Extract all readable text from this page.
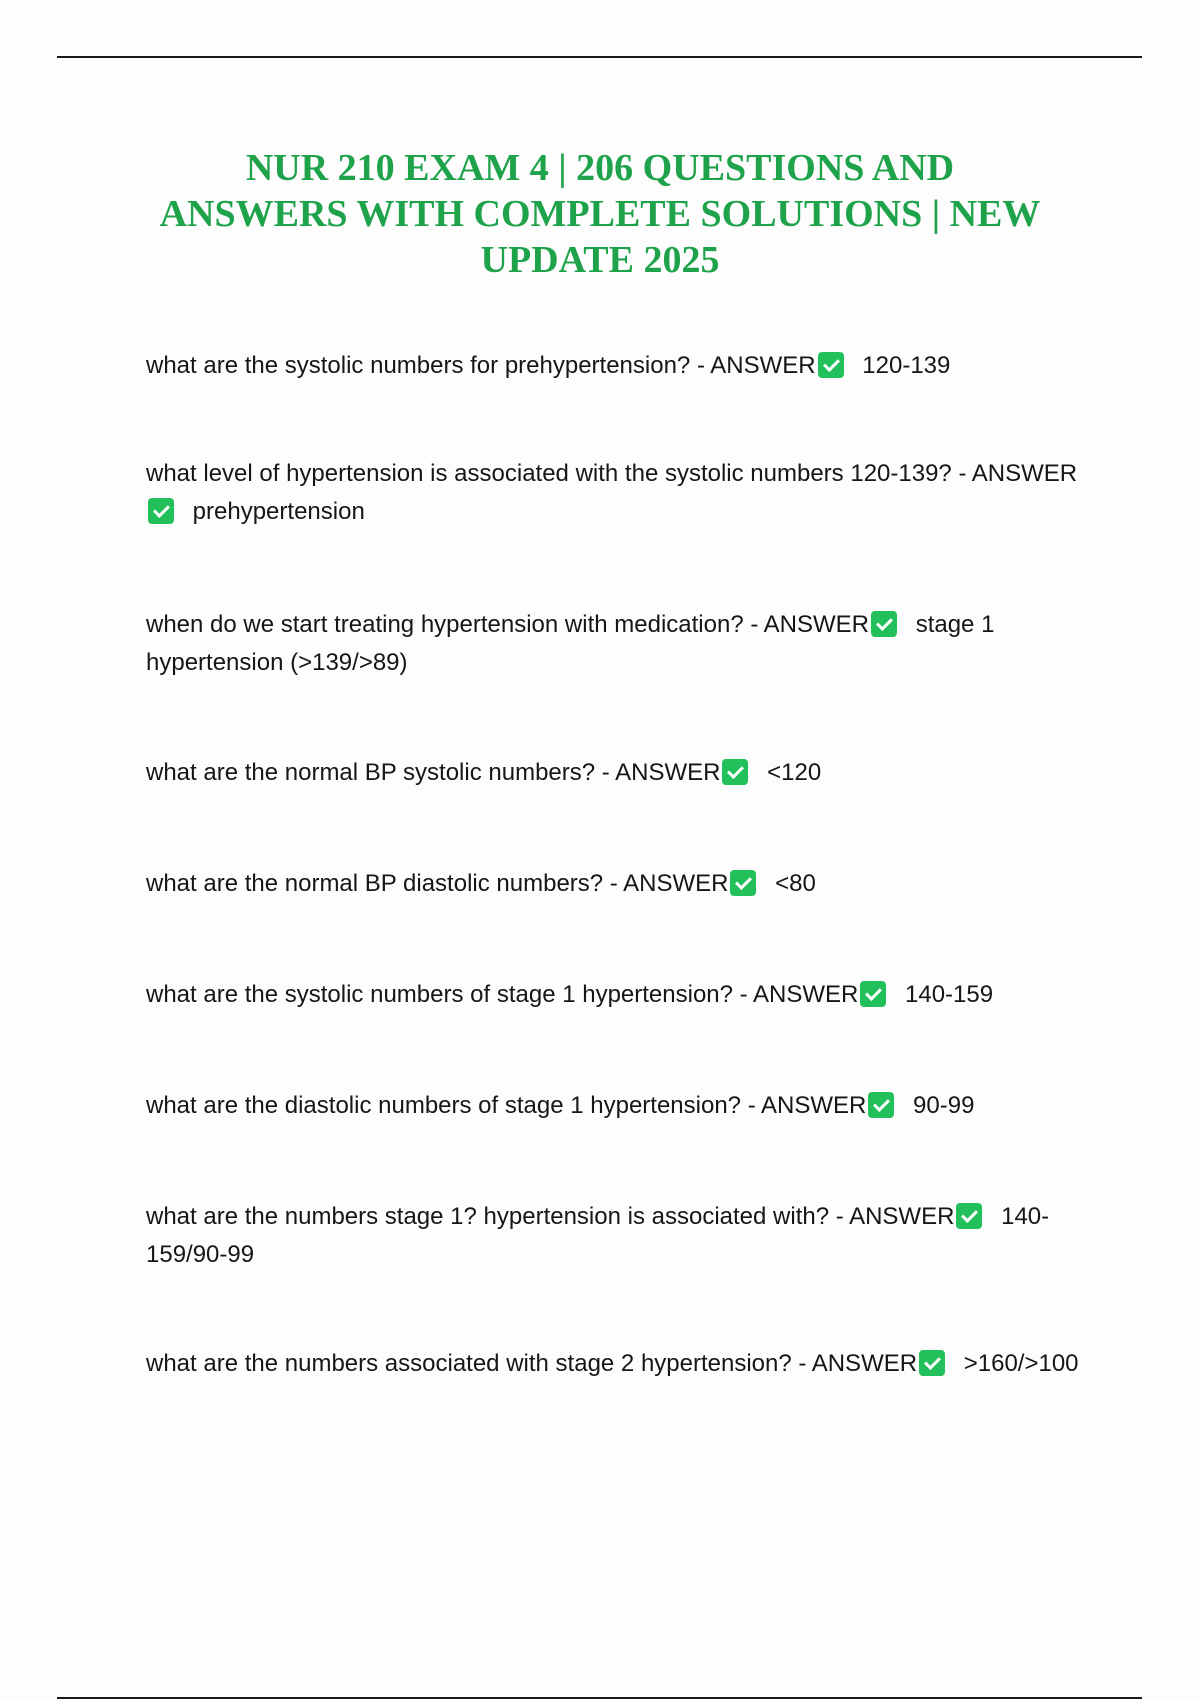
NUR 210 EXAM 4 | 206 QUESTIONS AND
ANSWERS WITH COMPLETE SOLUTIONS | NEW
UPDATE 2025
what are the systolic numbers for prehypertension? - ANSWER 120-139
what level of hypertension is associated with the systolic numbers 120-139? - ANSWER prehypertension
when do we start treating hypertension with medication? - ANSWER stage 1 hypertension (>139/>89)
what are the normal BP systolic numbers? - ANSWER <120
what are the normal BP diastolic numbers? - ANSWER <80
what are the systolic numbers of stage 1 hypertension? - ANSWER 140-159
what are the diastolic numbers of stage 1 hypertension? - ANSWER 90-99
what are the numbers stage 1? hypertension is associated with? - ANSWER 140-159/90-99
what are the numbers associated with stage 2 hypertension? - ANSWER >160/>100
